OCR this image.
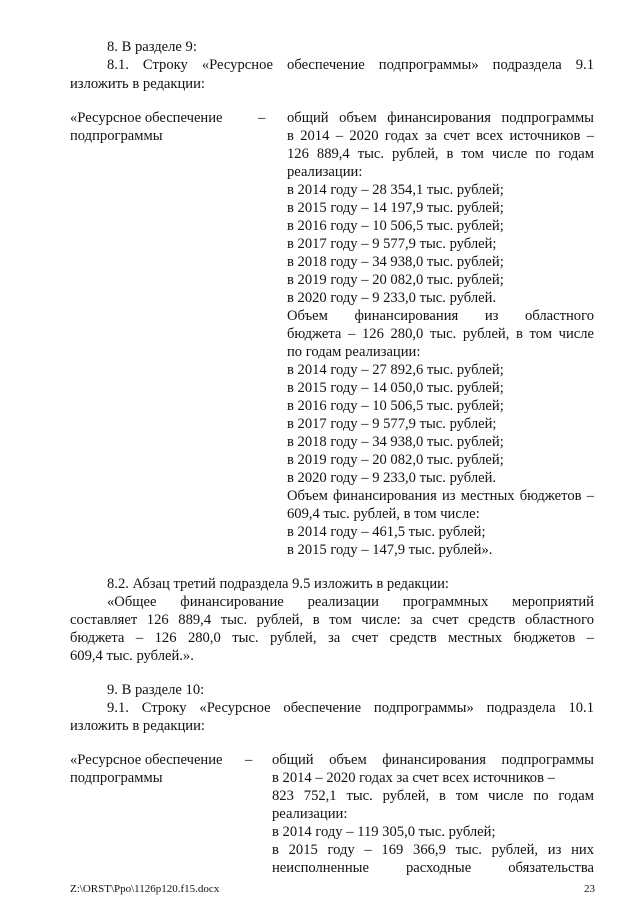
8. В разделе 9:
8.1. Строку «Ресурсное обеспечение подпрограммы» подраздела 9.1
изложить в редакции:
«Ресурсное обеспечение –
подпрограммы
общий объем финансирования подпрограммы
в 2014 – 2020 годах за счет всех источников –
126 889,4 тыс. рублей, в том числе по годам
реализации:
в 2014 году – 28 354,1 тыс. рублей;
в 2015 году – 14 197,9 тыс. рублей;
в 2016 году – 10 506,5 тыс. рублей;
в 2017 году – 9 577,9 тыс. рублей;
в 2018 году – 34 938,0 тыс. рублей;
в 2019 году – 20 082,0 тыс. рублей;
в 2020 году – 9 233,0 тыс. рублей.
Объем финансирования из областного
бюджета – 126 280,0 тыс. рублей, в том числе
по годам реализации:
в 2014 году – 27 892,6 тыс. рублей;
в 2015 году – 14 050,0 тыс. рублей;
в 2016 году – 10 506,5 тыс. рублей;
в 2017 году – 9 577,9 тыс. рублей;
в 2018 году – 34 938,0 тыс. рублей;
в 2019 году – 20 082,0 тыс. рублей;
в 2020 году – 9 233,0 тыс. рублей.
Объем финансирования из местных бюджетов –
609,4 тыс. рублей, в том числе:
в 2014 году – 461,5 тыс. рублей;
в 2015 году – 147,9 тыс. рублей».
8.2. Абзац третий подраздела 9.5 изложить в редакции:
«Общее финансирование реализации программных мероприятий
составляет 126 889,4 тыс. рублей, в том числе: за счет средств областного
бюджета – 126 280,0 тыс. рублей, за счет средств местных бюджетов –
609,4 тыс. рублей.».
9. В разделе 10:
9.1. Строку «Ресурсное обеспечение подпрограммы» подраздела 10.1
изложить в редакции:
«Ресурсное обеспечение –
подпрограммы
общий объем финансирования подпрограммы
в 2014 – 2020 годах за счет всех источников –
823 752,1 тыс. рублей, в том числе по годам
реализации:
в 2014 году – 119 305,0 тыс. рублей;
в 2015 году – 169 366,9 тыс. рублей, из них
неисполненные расходные обязательства
Z:\ORST\Ppo\1126p120.f15.docx	23
